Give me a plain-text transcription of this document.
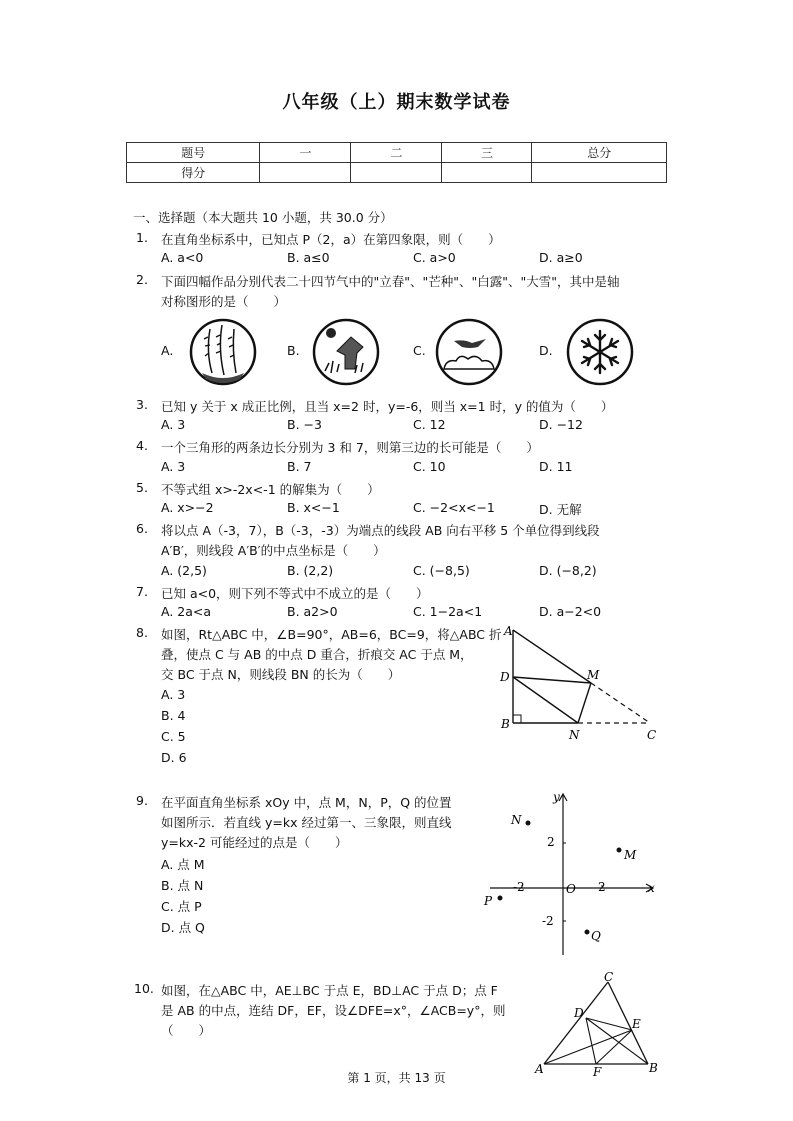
八年级（上）期末数学试卷
题号	一	二	三	总分
得分				
一、选择题（本大题共 10 小题，共 30.0 分）
1. 在直角坐标系中，已知点 P（2，a）在第四象限，则（　　）
A. a<0	B. a≤0	C. a>0	D. a≥0
2. 下面四幅作品分别代表二十四节气中的"立春"、"芒种"、"白露"、"大雪"，其中是轴
对称图形的是（　　）
A.	B.	C.	D.
3. 已知 y 关于 x 成正比例，且当 x=2 时，y=-6，则当 x=1 时，y 的值为（　　）
A. 3	B. −3	C. 12	D. −12
4. 一个三角形的两条边长分别为 3 和 7，则第三边的长可能是（　　）
A. 3	B. 7	C. 10	D. 11
5. 不等式组 x>-2x<-1 的解集为（　　）
A. x>−2	B. x<−1	C. −2<x<−1	D. 无解
6. 将以点 A（-3，7），B（-3，-3）为端点的线段 AB 向右平移 5 个单位得到线段
A′B′，则线段 A′B′的中点坐标是（　　）
A. (2,5)	B. (2,2)	C. (−8,5)	D. (−8,2)
7. 已知 a<0，则下列不等式中不成立的是（　　）
A. 2a<a	B. a2>0	C. 1−2a<1	D. a−2<0
8. 如图，Rt△ABC 中，∠B=90°，AB=6，BC=9，将△ABC 折
叠，使点 C 与 AB 的中点 D 重合，折痕交 AC 于点 M，
交 BC 于点 N，则线段 BN 的长为（　　）
A. 3
B. 4
C. 5
D. 6
A
D	M
B
N	C
9. 在平面直角坐标系 xOy 中，点 M，N，P，Q 的位置
如图所示．若直线 y=kx 经过第一、三象限，则直线
y=kx-2 可能经过的点是（　　）
A. 点 M
B. 点 N
C. 点 P
D. 点 Q
y
x
O 2
-2
2
-2
N
M
P
Q
10. 如图，在△ABC 中，AE⊥BC 于点 E，BD⊥AC 于点 D；点 F
是 AB 的中点，连结 DF，EF，设∠DFE=x°，∠ACB=y°，则
（　　）
C
D
E
A	F	B
第 1 页，共 13 页
